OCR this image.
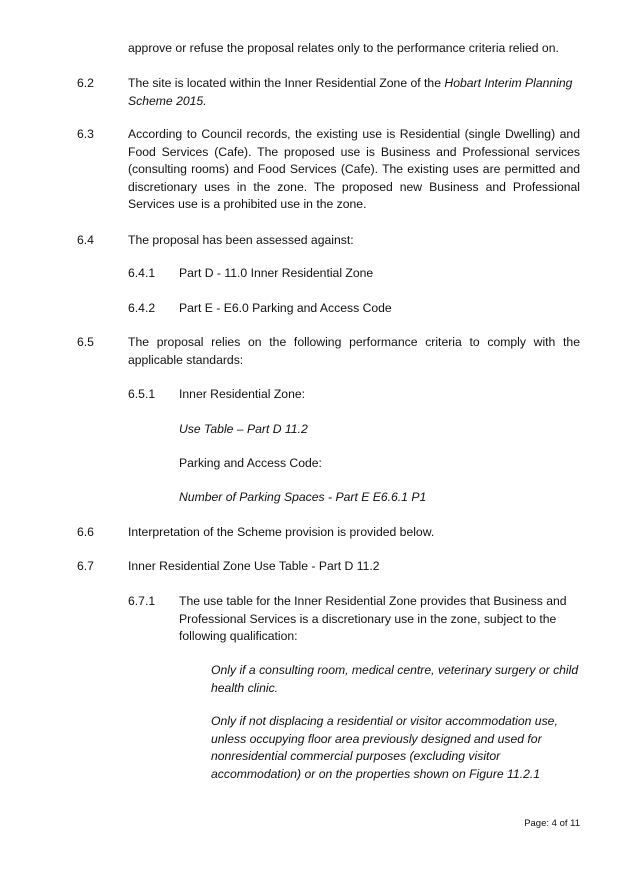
approve or refuse the proposal relates only to the performance criteria relied on.
6.2	The site is located within the Inner Residential Zone of the Hobart Interim Planning Scheme 2015.
6.3	According to Council records, the existing use is Residential (single Dwelling) and Food Services (Cafe). The proposed use is Business and Professional services (consulting rooms) and Food Services (Cafe). The existing uses are permitted and discretionary uses in the zone. The proposed new Business and Professional Services use is a prohibited use in the zone.
6.4	The proposal has been assessed against:
6.4.1 Part D - 11.0 Inner Residential Zone
6.4.2 Part E - E6.0 Parking and Access Code
6.5	The proposal relies on the following performance criteria to comply with the applicable standards:
6.5.1 Inner Residential Zone:
Use Table – Part D 11.2
Parking and Access Code:
Number of Parking Spaces - Part E E6.6.1 P1
6.6	Interpretation of the Scheme provision is provided below.
6.7	Inner Residential Zone Use Table - Part D 11.2
6.7.1 The use table for the Inner Residential Zone provides that Business and Professional Services is a discretionary use in the zone, subject to the following qualification:
Only if a consulting room, medical centre, veterinary surgery or child health clinic.
Only if not displacing a residential or visitor accommodation use, unless occupying floor area previously designed and used for nonresidential commercial purposes (excluding visitor accommodation) or on the properties shown on Figure 11.2.1
Page: 4 of 11
